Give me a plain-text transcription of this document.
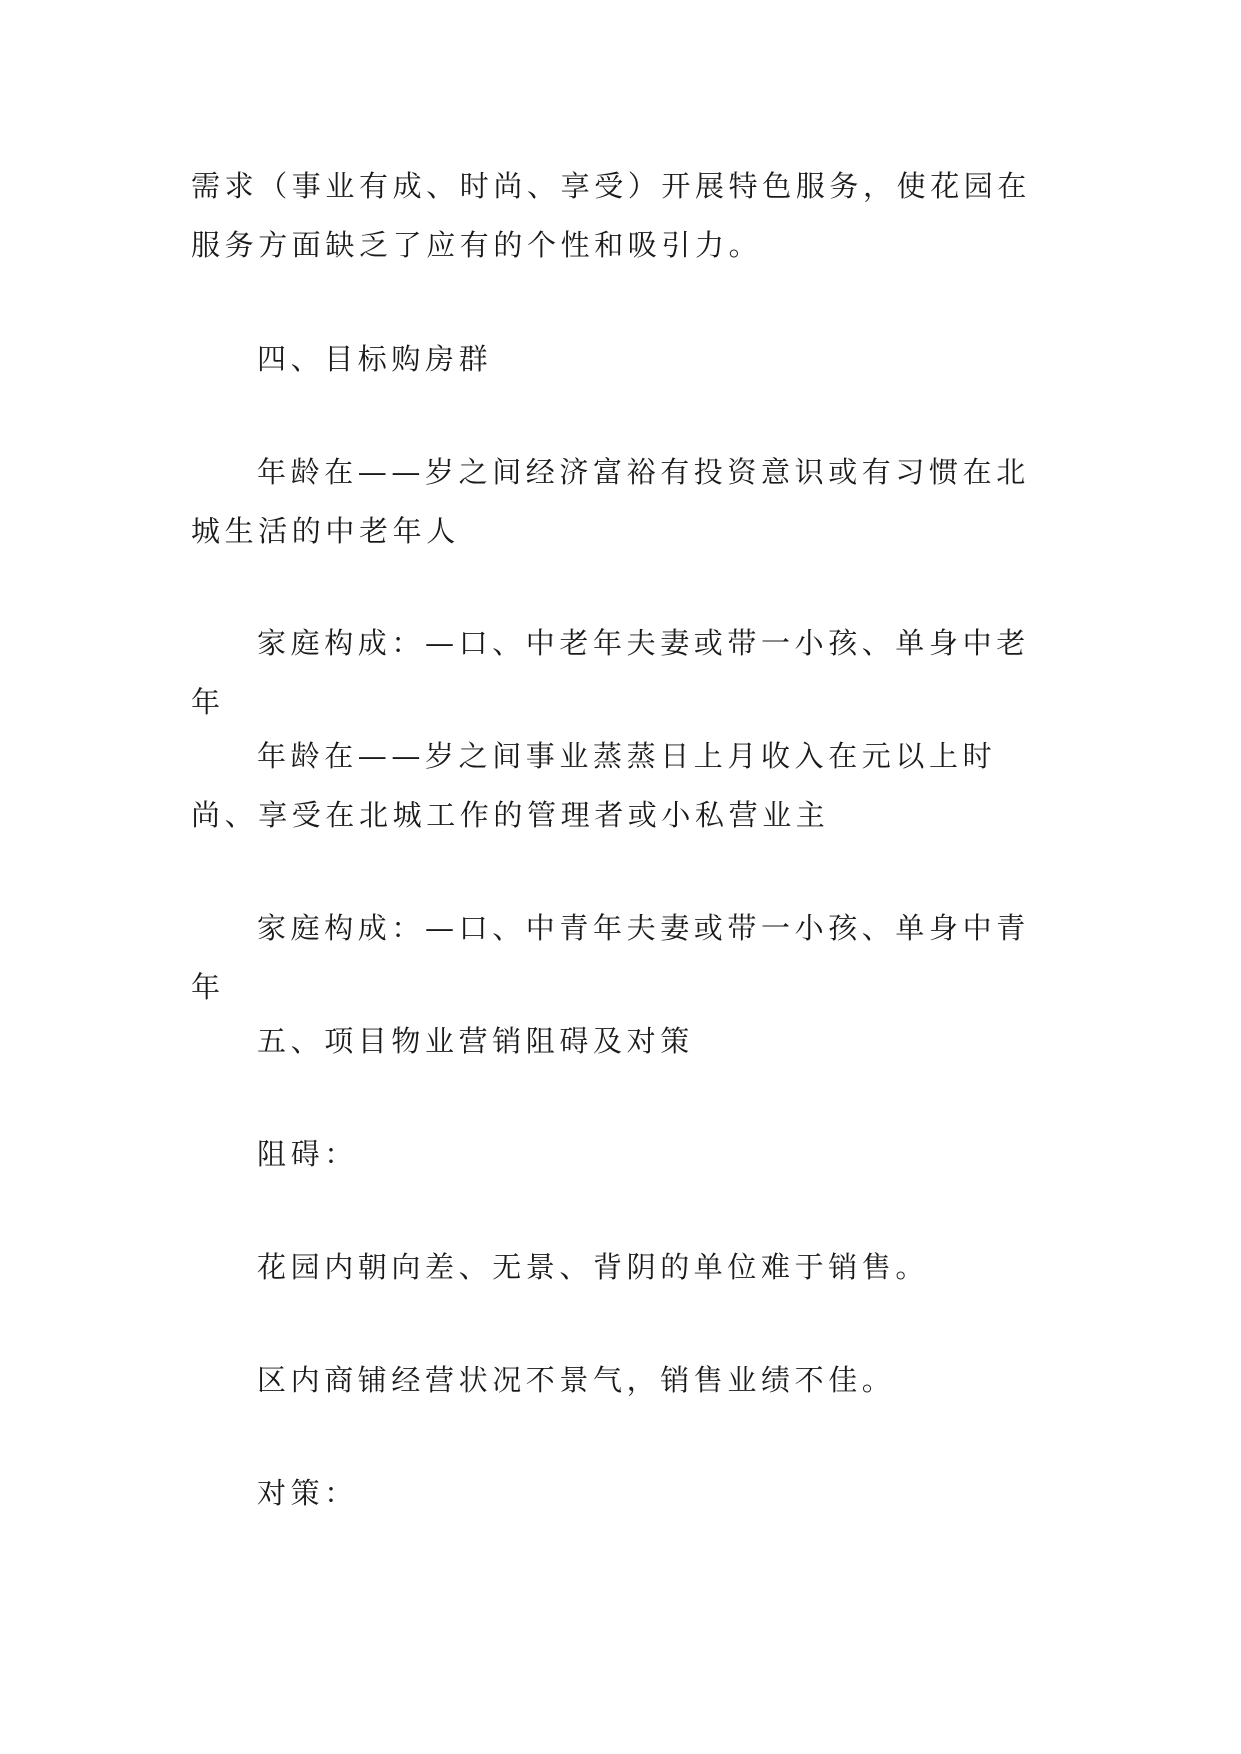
需求（事业有成、时尚、享受）开展特色服务，使花园在服务方面缺乏了应有的个性和吸引力。

四、目标购房群

年龄在——岁之间经济富裕有投资意识或有习惯在北城生活的中老年人

家庭构成：—口、中老年夫妻或带一小孩、单身中老年

年龄在——岁之间事业蒸蒸日上月收入在元以上时尚、享受在北城工作的管理者或小私营业主

家庭构成：—口、中青年夫妻或带一小孩、单身中青年

五、项目物业营销阻碍及对策

阻碍：

花园内朝向差、无景、背阴的单位难于销售。

区内商铺经营状况不景气，销售业绩不佳。

对策：
